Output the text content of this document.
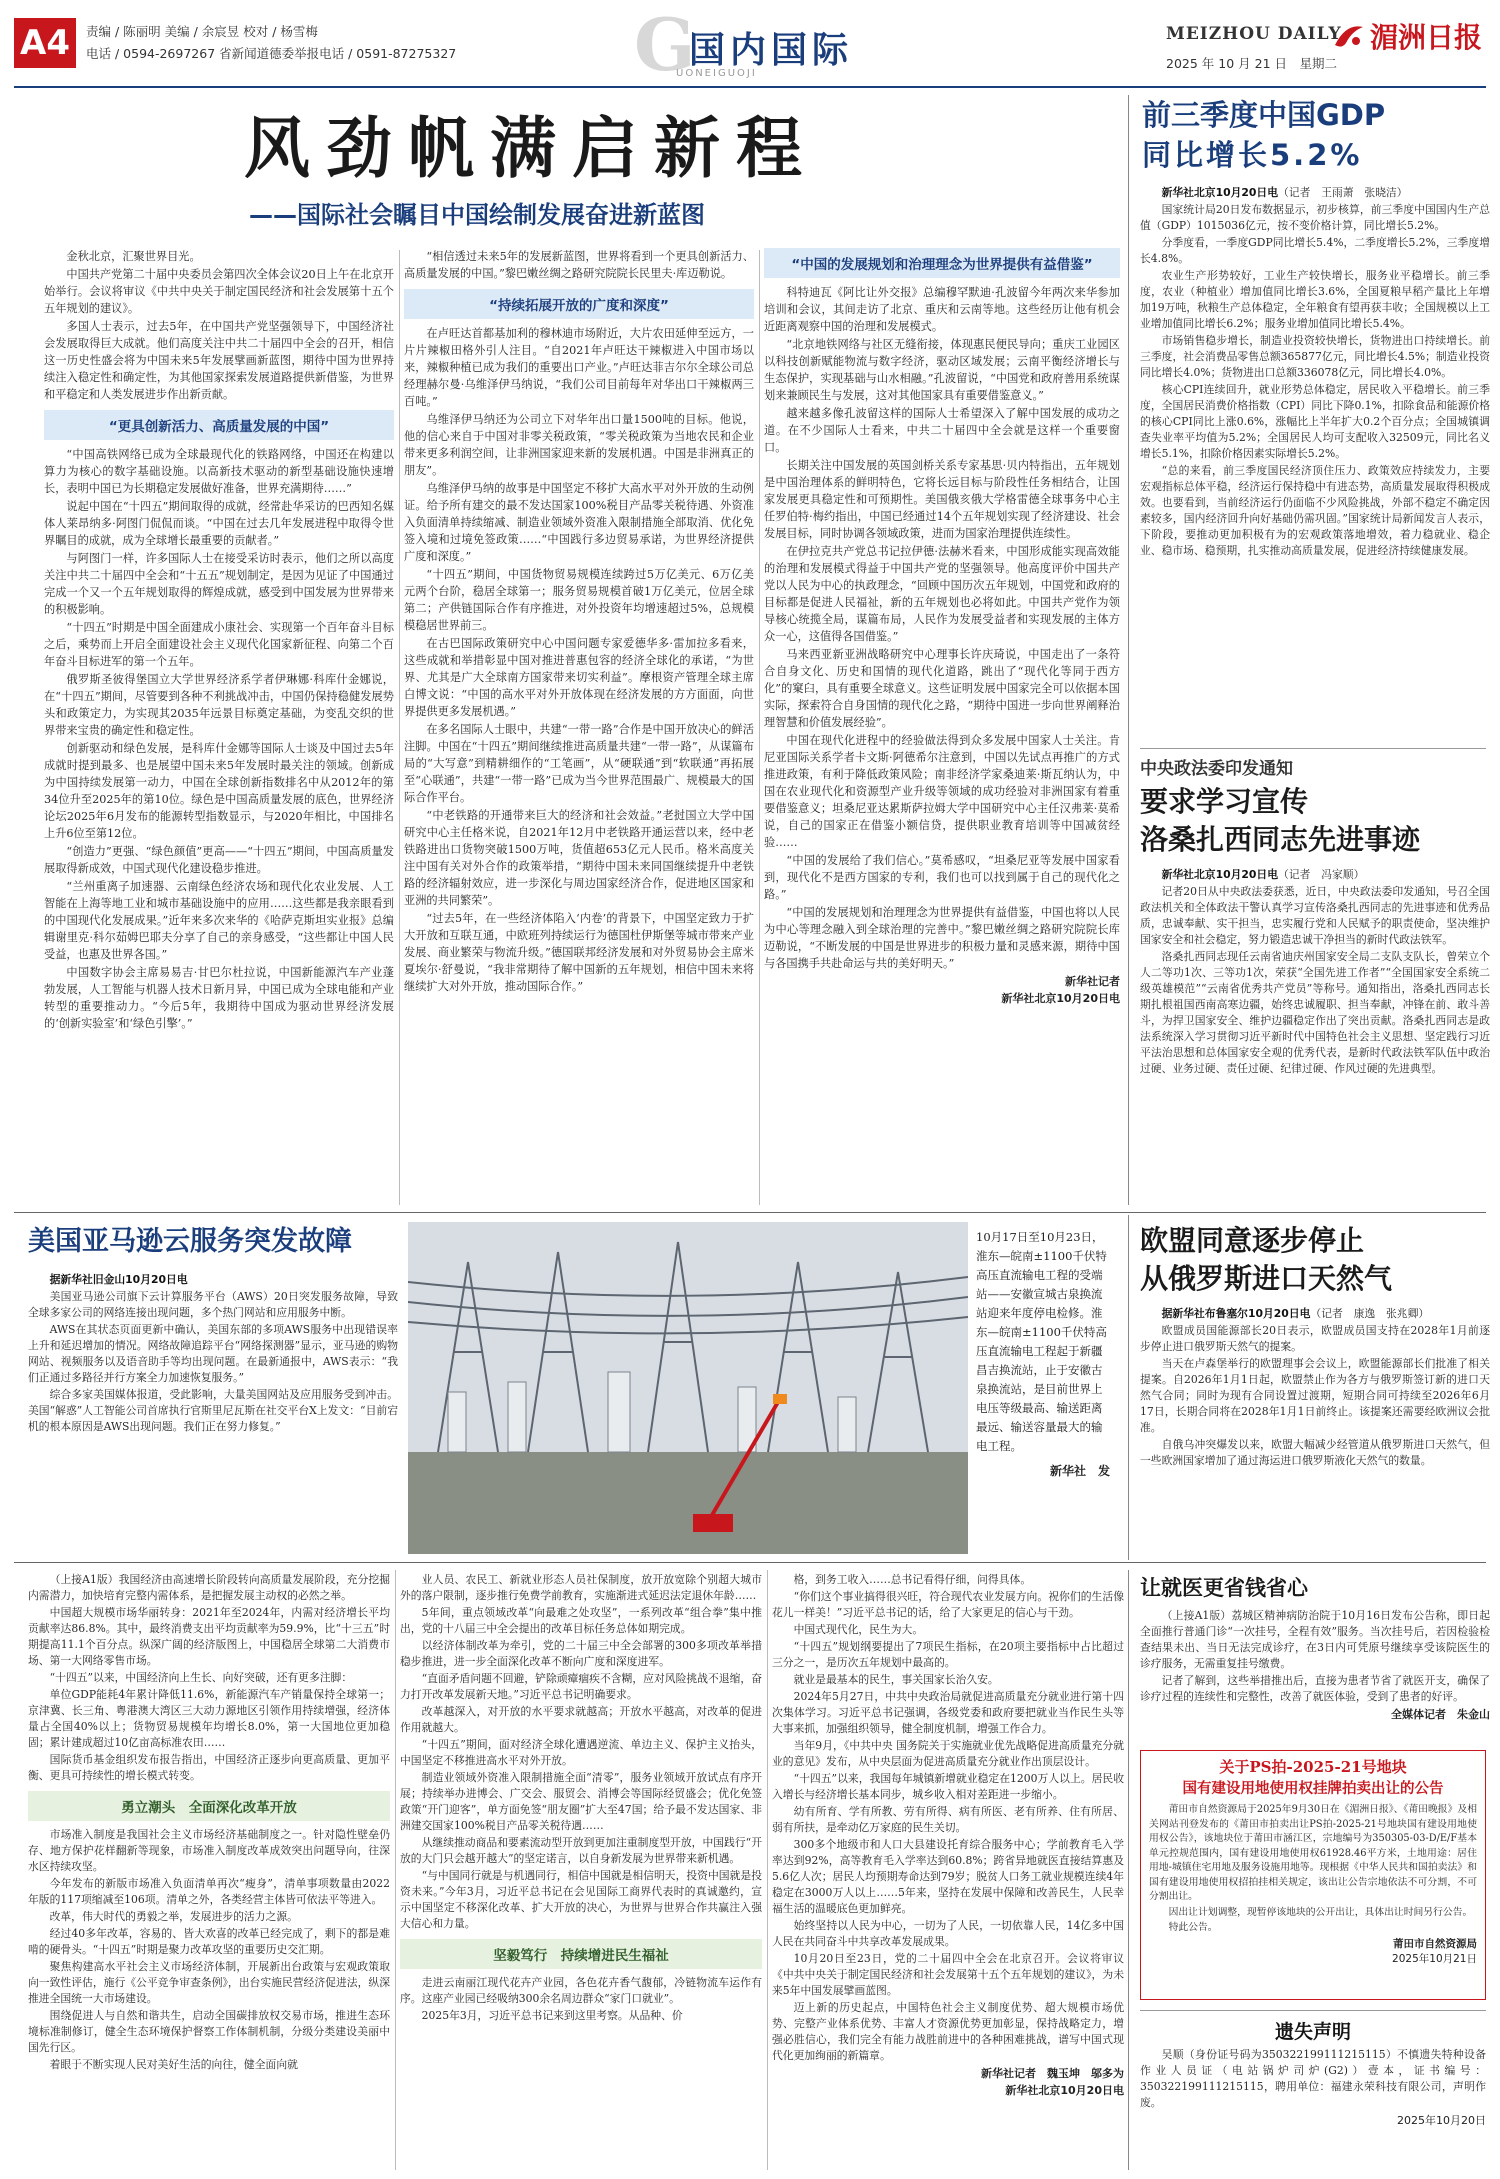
A4	责编 / 陈丽明 美编 / 余宸昱 校对 / 杨雪梅
电话 / 0594-2697267 省新闻道德委举报电话 / 0591-87275327 G
国内国际
UONEIGUOJI
MEIZHOU DAILY 湄洲日报
2025 年 10 月 21 日　星期二
风劲帆满启新程
——国际社会瞩目中国绘制发展奋进新蓝图

金秋北京，汇聚世界目光。

中国共产党第二十届中央委员会第四次全体会议20日上午在北京开始举行。会议将审议《中共中央关于制定国民经济和社会发展第十五个五年规划的建议》。

多国人士表示，过去5年，在中国共产党坚强领导下，中国经济社会发展取得巨大成就。他们高度关注中共二十届四中全会的召开，相信这一历史性盛会将为中国未来5年发展擘画新蓝图，期待中国为世界持续注入稳定性和确定性，为其他国家探索发展道路提供新借鉴，为世界和平稳定和人类发展进步作出新贡献。

“更具创新活力、高质量发展的中国”

“中国高铁网络已成为全球最现代化的铁路网络，中国还在构建以算力为核心的数字基础设施。以高新技术驱动的新型基础设施快速增长，表明中国已为长期稳定发展做好准备，世界充满期待……”

说起中国在“十四五”期间取得的成就，经常赴华采访的巴西知名媒体人莱昂纳多·阿图门侃侃而谈。“中国在过去几年发展进程中取得令世界瞩目的成就，成为全球增长最重要的贡献者。”

与阿图门一样，许多国际人士在接受采访时表示，他们之所以高度关注中共二十届四中全会和“十五五”规划制定，是因为见证了中国通过完成一个又一个五年规划取得的辉煌成就，感受到中国发展为世界带来的积极影响。

“十四五”时期是中国全面建成小康社会、实现第一个百年奋斗目标之后，乘势而上开启全面建设社会主义现代化国家新征程、向第二个百年奋斗目标进军的第一个五年。

俄罗斯圣彼得堡国立大学世界经济系学者伊琳娜·科库什金娜说，在“十四五”期间，尽管要到各种不利挑战冲击，中国仍保持稳健发展势头和政策定力，为实现其2035年远景目标奠定基础，为变乱交织的世界带来宝贵的确定性和稳定性。

创新驱动和绿色发展，是科库什金娜等国际人士谈及中国过去5年成就时提到最多、也是展望中国未来5年发展时最关注的领域。创新成为中国持续发展第一动力，中国在全球创新指数排名中从2012年的第34位升至2025年的第10位。绿色是中国高质量发展的底色，世界经济论坛2025年6月发布的能源转型指数显示，与2020年相比，中国排名上升6位至第12位。

“创造力”更强、“绿色颜值”更高——“十四五”期间，中国高质量发展取得新成效，中国式现代化建设稳步推进。

“兰州重离子加速器、云南绿色经济农场和现代化农业发展、人工智能在上海等地工业和城市基础设施中的应用……这些都是我亲眼看到的中国现代化发展成果。”近年来多次来华的《哈萨克斯坦实业报》总编辑谢里克·科尔茹姆巴耶夫分享了自己的亲身感受，“这些都让中国人民受益，也惠及世界各国。”

中国数字协会主席易易吉·甘巴尔杜拉说，中国新能源汽车产业蓬勃发展，人工智能与机器人技术日新月异，中国已成为全球电能和产业转型的重要推动力。“今后5年，我期待中国成为驱动世界经济发展的‘创新实验室’和‘绿色引擎’。”

“相信透过未来5年的发展新蓝图，世界将看到一个更具创新活力、高质量发展的中国。”黎巴嫩丝绸之路研究院院长民里夫·库迈勒说。

“持续拓展开放的广度和深度”

在卢旺达首都基加利的穆林迪市场附近，大片农田延伸至远方，一片片辣椒田格外引人注目。“自2021年卢旺达干辣椒进入中国市场以来，辣椒种植已成为我们的重要出口产业。”卢旺达菲吉尔尔全球公司总经理赫尔曼·乌维泽伊马纳说，“我们公司目前每年对华出口干辣椒两三百吨。”

乌维泽伊马纳还为公司立下对华年出口量1500吨的目标。他说，他的信心来自于中国对非零关税政策，“零关税政策为当地农民和企业带来更多利润空间，让非洲国家迎来新的发展机遇。中国是非洲真正的朋友”。

乌维泽伊马纳的故事是中国坚定不移扩大高水平对外开放的生动例证。给予所有建交的最不发达国家100%税目产品零关税待遇、外资准入负面清单持续缩减、制造业领域外资准入限制措施全部取消、优化免签入境和过境免签政策……“中国践行多边贸易承诺，为世界经济提供广度和深度。”

“十四五”期间，中国货物贸易规模连续跨过5万亿美元、6万亿美元两个台阶，稳居全球第一；服务贸易规模首破1万亿美元，位居全球第二；产供链国际合作有序推进，对外投资年均增速超过5%，总规模模稳居世界前三。

在古巴国际政策研究中心中国问题专家爱德华多·雷加拉多看来，这些成就和举措彰显中国对推进普惠包容的经济全球化的承诺，“为世界、尤其是广大全球南方国家带来切实利益”。摩根资产管理全球主席白博文说：“中国的高水平对外开放体现在经济发展的方方面面，向世界提供更多发展机遇。”

在多名国际人士眼中，共建“一带一路”合作是中国开放决心的鲜活注脚。中国在“十四五”期间继续推进高质量共建“一带一路”，从谋篇布局的“大写意”到精耕细作的“工笔画”，从“硬联通”到“软联通”再拓展至“心联通”，共建“一带一路”已成为当今世界范围最广、规模最大的国际合作平台。

“中老铁路的开通带来巨大的经济和社会效益。”老挝国立大学中国研究中心主任格米说，自2021年12月中老铁路开通运营以来，经中老铁路进出口货物突破1500万吨，货值超653亿元人民币。格米高度关注中国有关对外合作的政策举措，“期待中国未来同国继续提升中老铁路的经济辐射效应，进一步深化与周边国家经济合作，促进地区国家和亚洲的共同繁荣”。

“过去5年，在一些经济体陷入‘内卷’的背景下，中国坚定致力于扩大开放和互联互通，中欧班列持续运行为德国杜伊斯堡等城市带来产业发展、商业繁荣与物流升级。”德国联邦经济发展和对外贸易协会主席米夏埃尔·舒曼说，“我非常期待了解中国新的五年规划，相信中国未来将继续扩大对外开放，推动国际合作。”

“中国的发展规划和治理理念为世界提供有益借鉴”

科特迪瓦《阿比让外交报》总编穆罕默迪·孔波留今年两次来华参加培训和会议，其间走访了北京、重庆和云南等地。这些经历让他有机会近距离观察中国的治理和发展模式。

“北京地铁网络与社区无缝衔接，体现惠民便民导向；重庆工业园区以科技创新赋能物流与数字经济，驱动区域发展；云南平衡经济增长与生态保护，实现基础与山水相融。”孔波留说，“中国党和政府善用系统谋划来兼顾民生与发展，这对其他国家具有重要借鉴意义。”

越来越多像孔波留这样的国际人士希望深入了解中国发展的成功之道。在不少国际人士看来，中共二十届四中全会就是这样一个重要窗口。

长期关注中国发展的英国剑桥关系专家基思·贝内特指出，五年规划是中国治理体系的鲜明特色，它将长远目标与阶段性任务相结合，让国家发展更具稳定性和可预期性。美国俄亥俄大学格雷德全球事务中心主任罗伯特·梅约指出，中国已经通过14个五年规划实现了经济建设、社会发展目标，同时协调各领域政策，进而为国家治理提供连续性。

在伊拉克共产党总书记拉伊德·法赫米看来，中国形成能实现高效能的治理和发展模式得益于中国共产党的坚强领导。他高度评价中国共产党以人民为中心的执政理念，“回顾中国历次五年规划，中国党和政府的目标都是促进人民福祉，新的五年规划也必将如此。中国共产党作为领导核心统揽全局，谋篇布局，人民作为发展受益者和实现发展的主体方众一心，这值得各国借鉴。”

马来西亚新亚洲战略研究中心理事长许庆琦说，中国走出了一条符合自身文化、历史和国情的现代化道路，跳出了“现代化等同于西方化”的窠臼，具有重要全球意义。这些证明发展中国家完全可以依据本国实际，探索符合自身国情的现代化之路，“期待中国进一步向世界阐释治理智慧和价值发展经验”。

中国在现代化进程中的经验做法得到众多发展中国家人士关注。肯尼亚国际关系学者卡文斯·阿德希尔注意到，中国以先试点再推广的方式推进政策，有利于降低政策风险；南非经济学家桑迪莱·斯瓦纳认为，中国在农业现代化和资源型产业升级等领域的成功经验对非洲国家有着重要借鉴意义；坦桑尼亚达累斯萨拉姆大学中国研究中心主任汉弗莱·莫希说，自己的国家正在借鉴小额信贷，提供职业教育培训等中国减贫经验……

“中国的发展给了我们信心。”莫希感叹，“坦桑尼亚等发展中国家看到，现代化不是西方国家的专利，我们也可以找到属于自己的现代化之路。”

“中国的发展规划和治理理念为世界提供有益借鉴，中国也将以人民为中心等理念融入到全球治理的完善中。”黎巴嫩丝绸之路研究院院长库迈勒说，“不断发展的中国是世界进步的积极力量和灵感来源，期待中国与各国携手共赴命运与共的美好明天。”

新华社记者
新华社北京10月20日电
前三季度中国GDP
同比增长5.2%

新华社北京10月20日电（记者　王雨萧　张晓洁）

国家统计局20日发布数据显示，初步核算，前三季度中国国内生产总值（GDP）1015036亿元，按不变价格计算，同比增长5.2%。

分季度看，一季度GDP同比增长5.4%，二季度增长5.2%，三季度增长4.8%。

农业生产形势较好，工业生产较快增长，服务业平稳增长。前三季度，农业（种植业）增加值同比增长3.6%，全国夏粮早稻产量比上年增加19万吨，秋粮生产总体稳定，全年粮食有望再获丰收；全国规模以上工业增加值同比增长6.2%；服务业增加值同比增长5.4%。

市场销售稳步增长，制造业投资较快增长，货物进出口持续增长。前三季度，社会消费品零售总额365877亿元，同比增长4.5%；制造业投资同比增长4.0%；货物进出口总额336078亿元，同比增长4.0%。

核心CPI连续回升，就业形势总体稳定，居民收入平稳增长。前三季度，全国居民消费价格指数（CPI）同比下降0.1%，扣除食品和能源价格的核心CPI同比上涨0.6%，涨幅比上半年扩大0.2个百分点；全国城镇调查失业率平均值为5.2%；全国居民人均可支配收入32509元，同比名义增长5.1%，扣除价格因素实际增长5.2%。

“总的来看，前三季度国民经济顶住压力、政策效应持续发力，主要宏观指标总体平稳，经济运行保持稳中有进态势，高质量发展取得积极成效。也要看到，当前经济运行仍面临不少风险挑战，外部不稳定不确定因素较多，国内经济回升向好基础仍需巩固。”国家统计局新闻发言人表示，下阶段，要推动更加积极有为的宏观政策落地增效，着力稳就业、稳企业、稳市场、稳预期，扎实推动高质量发展，促进经济持续健康发展。

中央政法委印发通知
要求学习宣传
洛桑扎西同志先进事迹

新华社北京10月20日电（记者　冯家顺）

记者20日从中央政法委获悉，近日，中央政法委印发通知，号召全国政法机关和全体政法干警认真学习宣传洛桑扎西同志的先进事迹和优秀品质，忠诚奉献、实干担当，忠实履行党和人民赋予的职责使命，坚决维护国家安全和社会稳定，努力锻造忠诚干净担当的新时代政法铁军。

洛桑扎西同志现任云南省迪庆州国家安全局二支队支队长，曾荣立个人二等功1次、三等功1次，荣获“全国先进工作者”“全国国家安全系统二级英雄模范”“云南省优秀共产党员”等称号。通知指出，洛桑扎西同志长期扎根祖国西南高寒边疆，始终忠诚履职、担当奉献，冲锋在前、敢斗善斗，为捍卫国家安全、维护边疆稳定作出了突出贡献。洛桑扎西同志是政法系统深入学习贯彻习近平新时代中国特色社会主义思想、坚定践行习近平法治思想和总体国家安全观的优秀代表，是新时代政法铁军队伍中政治过硬、业务过硬、责任过硬、纪律过硬、作风过硬的先进典型。

美国亚马逊云服务突发故障

据新华社旧金山10月20日电

美国亚马逊公司旗下云计算服务平台（AWS）20日突发服务故障，导致全球多家公司的网络连接出现问题，多个热门网站和应用服务中断。

AWS在其状态页面更新中确认，美国东部的多项AWS服务中出现错误率上升和延迟增加的情况。网络故障追踪平台“网络探测器”显示，亚马逊的购物网站、视频服务以及语音助手等均出现问题。在最新通报中，AWS表示：“我们正通过多路径并行方案全力加速恢复服务。”

综合多家美国媒体报道，受此影响，大量美国网站及应用服务受到冲击。美国“解惑”人工智能公司首席执行官斯里尼瓦斯在社交平台X上发文：“目前宕机的根本原因是AWS出现问题。我们正在努力修复。”

10月17日至10月23日，淮东—皖南±1100千伏特高压直流输电工程的受端站——安徽宣城古泉换流站迎来年度停电检修。淮东—皖南±1100千伏特高压直流输电工程起于新疆昌吉换流站，止于安徽古泉换流站，是目前世界上电压等级最高、输送距离最远、输送容量最大的输电工程。

新华社　发
欧盟同意逐步停止
从俄罗斯进口天然气

据新华社布鲁塞尔10月20日电（记者　康逸　张兆卿）

欧盟成员国能源部长20日表示，欧盟成员国支持在2028年1月前逐步停止进口俄罗斯天然气的提案。

当天在卢森堡举行的欧盟理事会会议上，欧盟能源部长们批准了相关提案。自2026年1月1日起，欧盟禁止作为各方与俄罗斯签订新的进口天然气合同；同时为现有合同设置过渡期，短期合同可持续至2026年6月17日，长期合同将在2028年1月1日前终止。该提案还需要经欧洲议会批准。

自俄乌冲突爆发以来，欧盟大幅减少经管道从俄罗斯进口天然气，但一些欧洲国家增加了通过海运进口俄罗斯液化天然气的数量。

（上接A1版）我国经济由高速增长阶段转向高质量发展阶段，充分挖掘内需潜力，加快培育完整内需体系，是把握发展主动权的必然之举。

中国超大规模市场华丽转身：2021年至2024年，内需对经济增长平均贡献率达86.8%。其中，最终消费支出平均贡献率为59.9%，比“十三五”时期提高11.1个百分点。纵深广阔的经济版图上，中国稳居全球第二大消费市场、第一大网络零售市场。

“十四五”以来，中国经济向上生长、向好突破，还有更多注脚：

单位GDP能耗4年累计降低11.6%，新能源汽车产销量保持全球第一；京津冀、长三角、粤港澳大湾区三大动力源地区引领作用持续增强，经济体量占全国40%以上；货物贸易规模年均增长8.0%，第一大国地位更加稳固；累计建成超过10亿亩高标准农田……

国际货币基金组织发布报告指出，中国经济正逐步向更高质量、更加平衡、更具可持续性的增长模式转变。

勇立潮头　全面深化改革开放

市场准入制度是我国社会主义市场经济基础制度之一。针对隐性壁垒仍存、地方保护花样翻新等现象，市场准入制度改革成效突出问题导向，往深水区持续攻坚。

今年发布的新版市场准入负面清单再次“瘦身”，清单事项数量由2022年版的117项缩减至106项。清单之外，各类经营主体皆可依法平等进入。

改革，伟大时代的勇毅之举，发展进步的活力之源。

经过40多年改革，容易的、皆大欢喜的改革已经完成了，剩下的都是难啃的硬骨头。“十四五”时期是聚力改革攻坚的重要历史交汇期。

聚焦构建高水平社会主义市场经济体制，开展新出台政策与宏观政策取向一致性评估，施行《公平竞争审查条例》，出台实施民营经济促进法，纵深推进全国统一大市场建设。

围绕促进人与自然和谐共生，启动全国碳排放权交易市场，推进生态环境标准制修订，健全生态环境保护督察工作体制机制，分级分类建设美丽中国先行区。

着眼于不断实现人民对美好生活的向往，健全面向就

业人员、农民工、新就业形态人员社保制度，放开放宽除个别超大城市外的落户限制，逐步推行免费学前教育，实施渐进式延迟法定退休年龄……

5年间，重点领域改革“向最难之处攻坚”，一系列改革“组合拳”集中推出，党的十八届三中全会提出的改革目标任务总体如期完成。

以经济体制改革为牵引，党的二十届三中全会部署的300多项改革举措稳步推进，进一步全面深化改革不断向广度和深度进军。

“直面矛盾问题不回避，铲除顽瘴痼疾不含糊，应对风险挑战不退缩，奋力打开改革发展新天地。”习近平总书记明确要求。

改革越深入，对开放的水平要求就越高；开放水平越高，对改革的促进作用就越大。

“十四五”期间，面对经济全球化遭遇逆流、单边主义、保护主义抬头，中国坚定不移推进高水平对外开放。

制造业领域外资准入限制措施全面“清零”，服务业领域开放试点有序开展；持续举办进博会、广交会、服贸会、消博会等国际经贸盛会；优化免签政策“开门迎客”，单方面免签“朋友圈”扩大至47国；给予最不发达国家、非洲建交国家100%税目产品零关税待遇……

从继续推动商品和要素流动型开放到更加注重制度型开放，中国践行“开放的大门只会越开越大”的坚定诺言，以自身新发展为世界带来新机遇。

“与中国同行就是与机遇同行，相信中国就是相信明天，投资中国就是投资未来。”今年3月，习近平总书记在会见国际工商界代表时的真诚邀约，宣示中国坚定不移深化改革、扩大开放的决心，为世界与世界合作共赢注入强大信心和力量。

坚毅笃行　持续增进民生福祉

走进云南丽江现代花卉产业园，各色花卉香气馥郁，冷链物流车运作有序。这座产业园已经吸纳300余名周边群众“家门口就业”。

2025年3月，习近平总书记来到这里考察。从品种、价

格，到务工收入……总书记看得仔细，问得具体。

“你们这个事业搞得很兴旺，符合现代农业发展方向。祝你们的生活像花儿一样美！”习近平总书记的话，给了大家更足的信心与干劲。

中国式现代化，民生为大。

“十四五”规划纲要提出了7项民生指标，在20项主要指标中占比超过三分之一，是历次五年规划中最高的。

就业是最基本的民生，事关国家长治久安。

2024年5月27日，中共中央政治局就促进高质量充分就业进行第十四次集体学习。习近平总书记强调，各级党委和政府要把就业当作民生头等大事来抓，加强组织领导，健全制度机制，增强工作合力。

当年9月，《中共中央 国务院关于实施就业优先战略促进高质量充分就业的意见》发布，从中央层面为促进高质量充分就业作出顶层设计。

“十四五”以来，我国每年城镇新增就业稳定在1200万人以上。居民收入增长与经济增长基本同步，城乡收入相对差距进一步缩小。

幼有所育、学有所教、劳有所得、病有所医、老有所养、住有所居、弱有所扶，是牵动亿万家庭的民生关切。

300多个地级市和人口大县建设托育综合服务中心；学前教育毛入学率达到92%，高等教育毛入学率达到60.8%；跨省异地就医直接结算惠及5.6亿人次；居民人均预期寿命达到79岁；脱贫人口务工就业规模连续4年稳定在3000万人以上……5年来，坚持在发展中保障和改善民生，人民幸福生活的温暖底色更加鲜亮。

始终坚持以人民为中心，一切为了人民，一切依靠人民，14亿多中国人民在共同奋斗中共享改革发展成果。

10月20日至23日，党的二十届四中全会在北京召开。会议将审议《中共中央关于制定国民经济和社会发展第十五个五年规划的建议》，为未来5年中国发展擘画蓝图。

迈上新的历史起点，中国特色社会主义制度优势、超大规模市场优势、完整产业体系优势、丰富人才资源优势更加彰显，保持战略定力，增强必胜信心，我们完全有能力战胜前进中的各种困难挑战，谱写中国式现代化更加绚丽的新篇章。

新华社记者　魏玉坤　邬多为
新华社北京10月20日电
让就医更省钱省心

（上接A1版）荔城区精神病防治院于10月16日发布公告称，即日起全面推行普通门诊“一次挂号，全程有效”服务。当次挂号后，若因检验检查结果未出、当日无法完成诊疗，在3日内可凭原号继续享受该院医生的诊疗服务，无需重复挂号缴费。

记者了解到，这些举措推出后，直接为患者节省了就医开支，确保了诊疗过程的连续性和完整性，改善了就医体验，受到了患者的好评。

全媒体记者　朱金山
关于PS拍-2025-21号地块
国有建设用地使用权挂牌拍卖出让的公告

莆田市自然资源局于2025年9月30日在《湄洲日报》、《莆田晚报》及相关网站刊登发布的《莆田市拍卖出让PS拍-2025-21号地块国有建设用地使用权公告》，该地块位于莆田市涵江区，宗地编号为350305-03-D/E/F基本单元控规范围内，国有建设用地使用权61928.46平方米，土地用途：居住用地-城镇住宅用地及服务设施用地等。现根据《中华人民共和国拍卖法》和国有建设用地使用权招拍挂相关规定，该出让公告宗地依法不可分割，不可分割出让。

因出让计划调整，现暂停该地块的公开出让，具体出让时间另行公告。

特此公告。

莆田市自然资源局
2025年10月21日
遗失声明

吴顺（身份证号码为350322199111215115）不慎遗失特种设备作业人员证（电站锅炉司炉(G2)）壹本，证书编号：350322199111215115，聘用单位：福建永荣科技有限公司，声明作废。

2025年10月20日
